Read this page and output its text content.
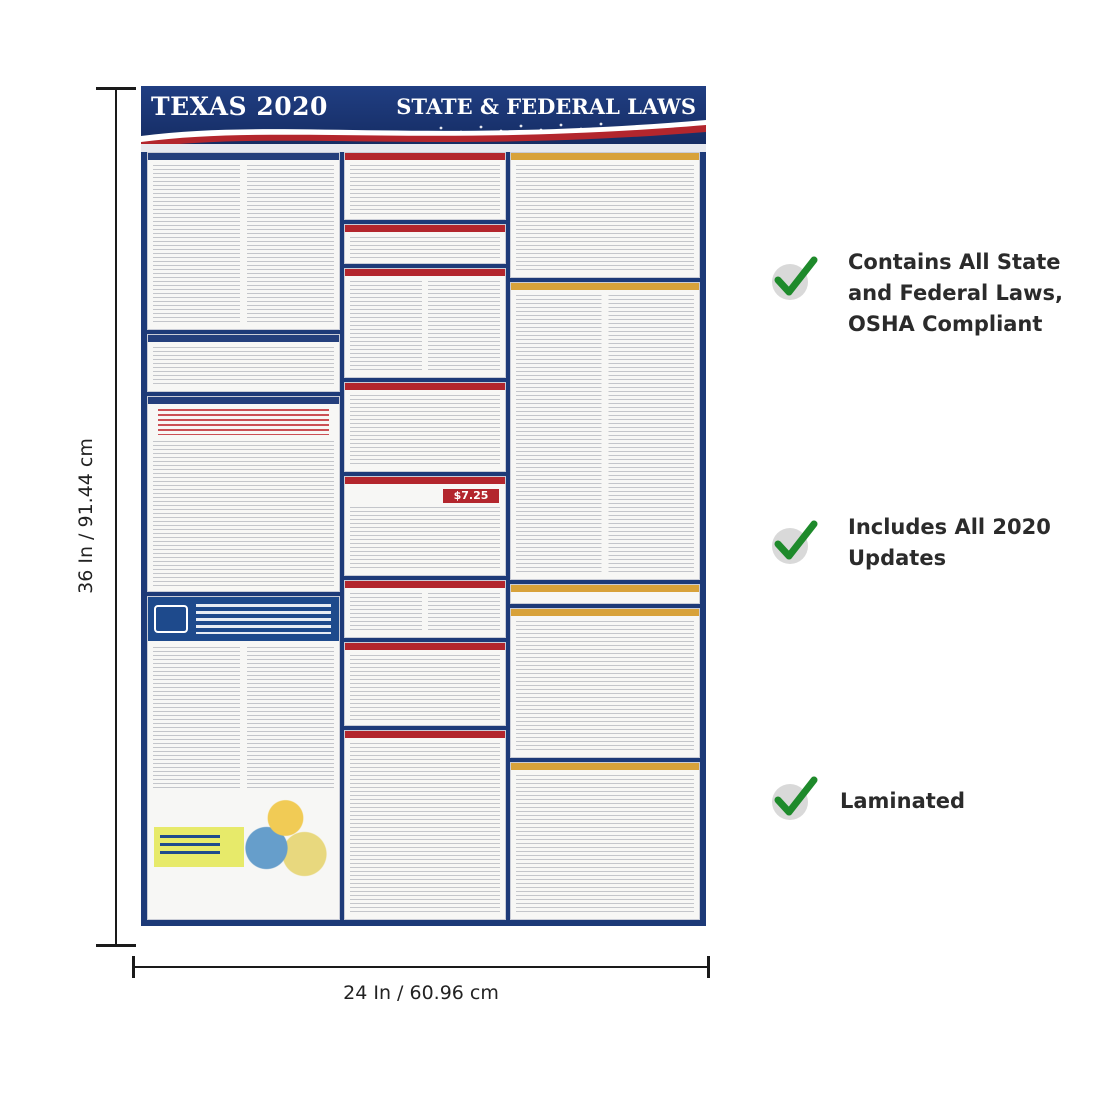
36 In / 91.44 cm
24 In / 60.96 cm
TEXAS 2020	STATE & FEDERAL LAWS
$7.25
Contains All State
and Federal Laws,
OSHA Compliant
Includes All 2020
Updates
Laminated
